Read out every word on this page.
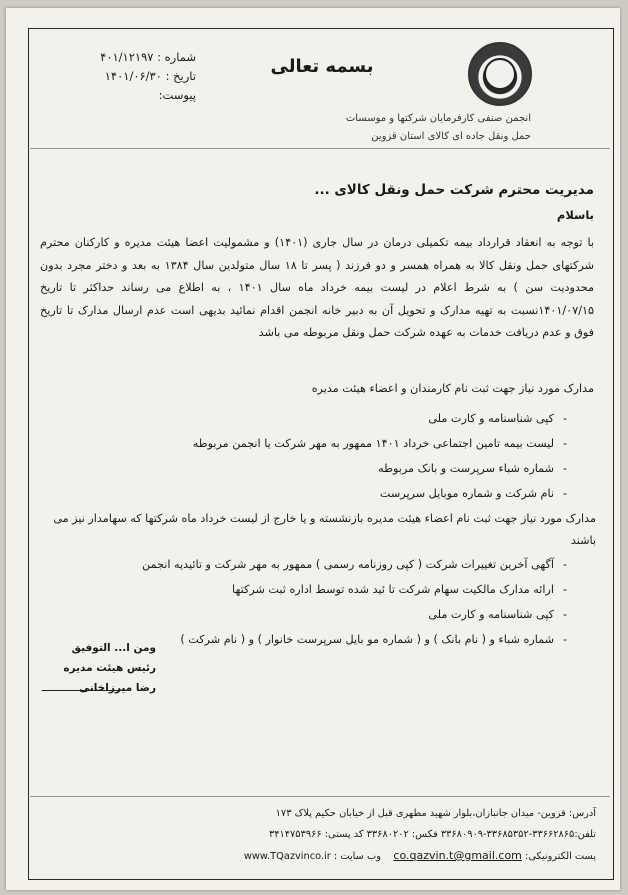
بسمه تعالی
شماره : ۴۰۱/۱۲۱۹۷
تاریخ : ۱۴۰۱/۰۶/۳۰
پیوست:
انجمن صنفی کارفرمایان شرکتها و موسسات
حمل ونقل جاده ای کالای استان قزوین
مدیریت محترم شرکت حمل ونقل کالای ...
باسلام
با توجه به انعقاد قرارداد بیمه تکمیلی درمان در سال جاری (۱۴۰۱) و مشمولیت اعضا هیئت مدیره و کارکنان محترم شرکتهای حمل ونقل کالا به همراه همسر و دو فرزند ( پسر تا ۱۸ سال متولدین سال ۱۳۸۴ به بعد و دختر مجرد بدون محدودیت سن ) به شرط اعلام در لیست بیمه خرداد ماه سال ۱۴۰۱ ، به اطلاع می رساند حداکثر تا تاریخ ۱۴۰۱/۰۷/۱۵نسبت به تهیه مدارک و تحویل آن به دبیر خانه انجمن اقدام نمائید بدیهی است عدم ارسال مدارک تا تاریخ فوق و عدم دریافت خدمات به عهده شرکت حمل ونقل مربوطه می باشد
مدارک مورد نیاز جهت ثبت نام کارمندان و اعضاء هیئت مدیره
-کپی شناسنامه و کارت ملی
-لیست بیمه تامین اجتماعی خرداد ۱۴۰۱ ممهور به مهر شرکت یا انجمن مربوطه
-شماره شباء سرپرست و بانک مربوطه
-نام شرکت و شماره موبایل سرپرست
مدارک مورد نیاز جهت ثبت نام اعضاء هیئت مدیره بازنشسته و یا خارج از لیست خرداد ماه شرکتها که سهامدار نیز می باشند
-آگهی آخرین تغییرات شرکت ( کپی روزنامه رسمی ) ممهور به مهر شرکت و تائیدیه انجمن
-ارائه مدارک مالکیت سهام شرکت تا ئید شده توسط اداره ثبت شرکتها
-کپی شناسنامه و کارت ملی
-شماره شباء و ( نام بانک ) و ( شماره مو بایل سرپرست خانوار ) و ( نام شرکت )
ومن ا... التوفیق
رئیس هیئت مدیره
رضا میرزاخانی
آدرس: قزوین- میدان جانبازان،بلوار شهید مطهری قبل از خیابان حکیم پلاک ۱۷۳
تلفن:۳۳۶۶۲۸۶۵-۳۳۶۸۵۳۵۲-۳۳۶۸۰۹۰۹ فکس: ۳۳۶۸۰۲۰۲ کد پستی: ۳۴۱۴۷۵۳۹۶۶
پست الکترونیکی: co.qazvin.t@gmail.com    وب سایت : www.TQazvinco.ir
